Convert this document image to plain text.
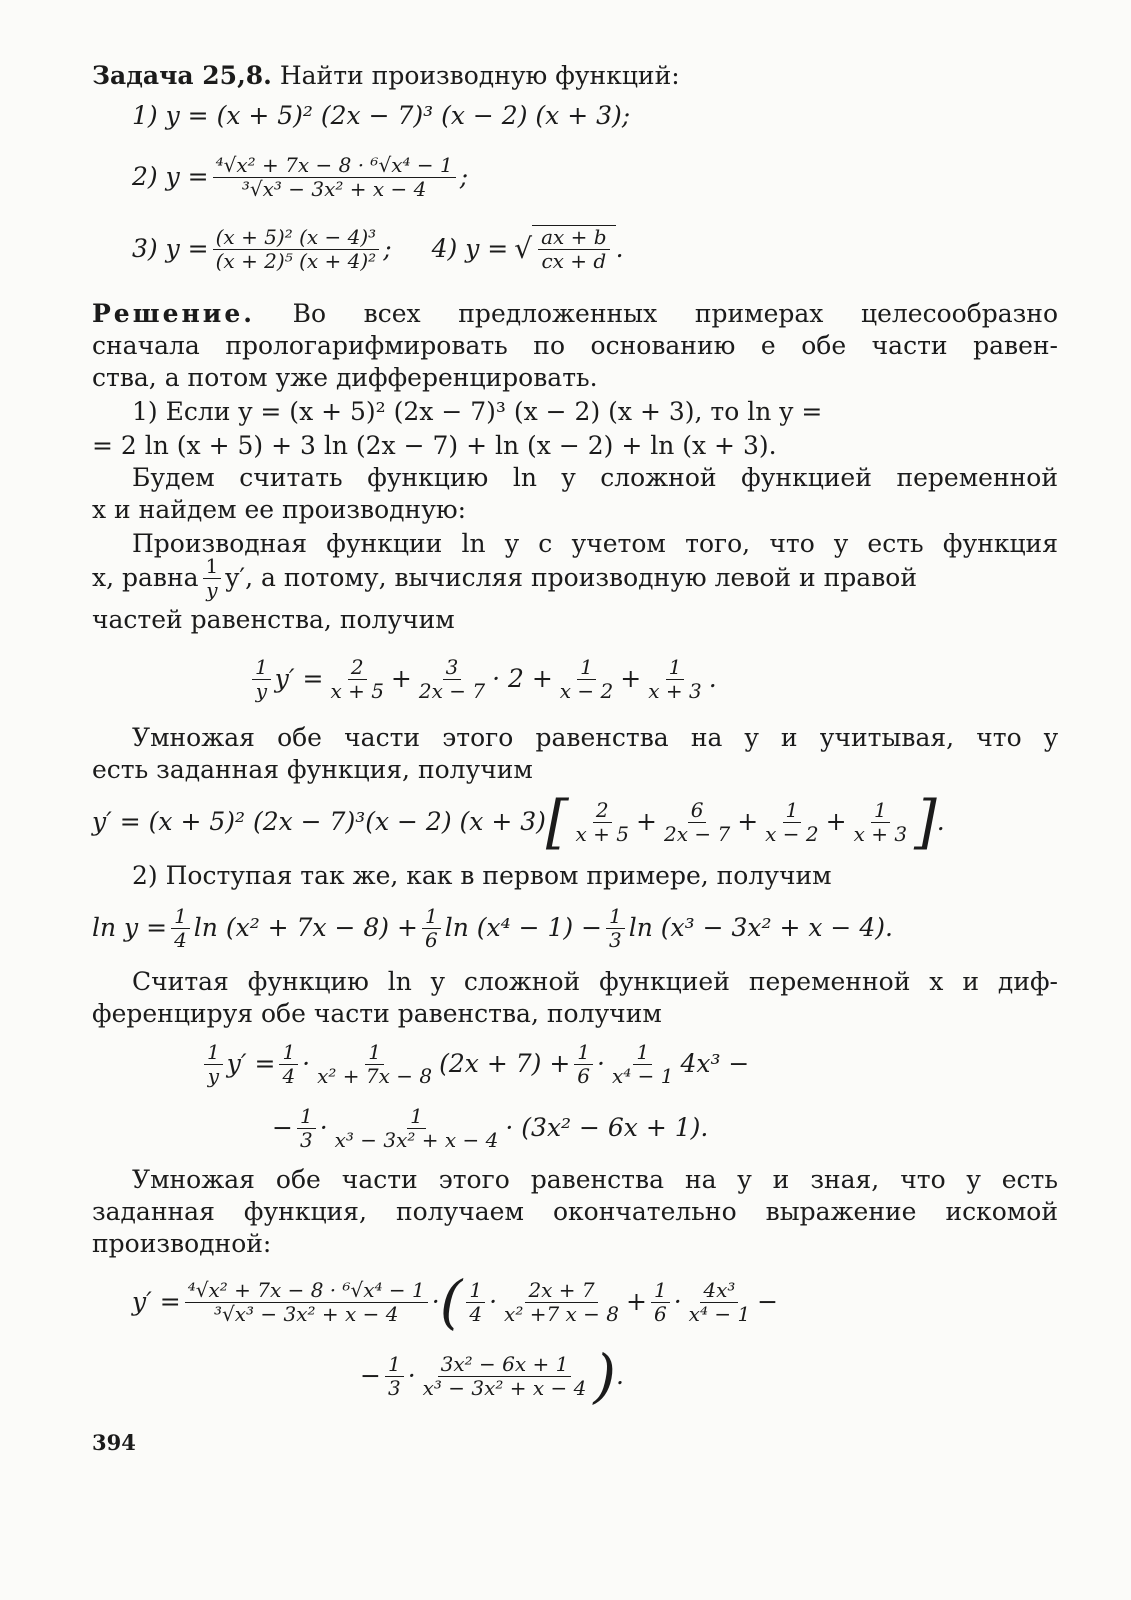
Задача 25,8. Найти производную функций:
1) y = (x + 5)² (2x − 7)³ (x − 2) (x + 3);
2) $y = \frac{\text{⁴√x² + 7x − 8 · ⁶√x⁴ − 1}}{\text{³√x³ − 3x² + x − 4}}$ ;
3) $y = \frac{\text{(x + 5)² (x − 4)³}}{\text{(x + 2)⁵ (x + 4)²}}$ ; 4) y = √ $\frac{ax + b}{cx + d}$ .
Решение. Во всех предложенных примерах целесообразно
сначала прологарифмировать по основанию e обе части равен-
ства, а потом уже дифференцировать.
1) Если y = (x + 5)² (2x − 7)³ (x − 2) (x + 3), то ln y =
= 2 ln (x + 5) + 3 ln (2x − 7) + ln (x − 2) + ln (x + 3).
Будем считать функцию ln y сложной функцией переменной
x и найдем ее производную:
Производная функции ln y с учетом того, что y есть функция
x, равна $\frac{1}{y} y'$, а потому, вычисляя производную левой и правой
частей равенства, получим
$\frac{1}{y} y' = \frac{2}{x + 5} + \frac{3}{2x - 7} \cdot 2 + \frac{1}{x - 2} + \frac{1}{x + 3}$ .
Умножая обе части этого равенства на y и учитывая, что y
есть заданная функция, получим
y′ = (x + 5)² (2x − 7)³(x − 2) (x + 3) [ $\frac{2}{x + 5} + \frac{6}{2x - 7} + \frac{1}{x - 2} + \frac{1}{x + 3}$ ] .
2) Поступая так же, как в первом примере, получим
$\ln y = \frac{1}{4}$ $\ln (x^2 + 7x - 8) + \frac{1}{6}$ $\ln (x^4 - 1) - \frac{1}{3}$ ln (x³ − 3x² + x − 4).
Считая функцию ln y сложной функцией переменной x и диф-
ференцируя обе части равенства, получим
$\frac{1}{y} y' = \frac{1}{4} \cdot \frac{1}{\text{x² + 7x − 8}} (2x + 7) + \frac{1}{6} \cdot \frac{1}{\text{x⁴ − 1}} 4x^3$ −
− $\frac{1}{3} \cdot \frac{1}{\text{x³ − 3x² + x − 4}} \cdot (3x^2 - 6x + 1)$.
Умножая обе части этого равенства на y и зная, что y есть
заданная функция, получаем окончательно выражение искомой
производной:
$y' = \frac{\text{⁴√x² + 7x − 8 · ⁶√x⁴ − 1}}{\text{³√x³ − 3x² + x − 4}}$ · ( $\frac{1}{4} \cdot \frac{2x + 7}{\text{x² +7 x − 8}} + \frac{1}{6} \cdot \frac{\text{4x³}}{\text{x⁴ − 1}}$ −
− $\frac{1}{3} \cdot \frac{\text{3x² − 6x + 1}}{\text{x³ − 3x² + x − 4}}$ ) .
394
